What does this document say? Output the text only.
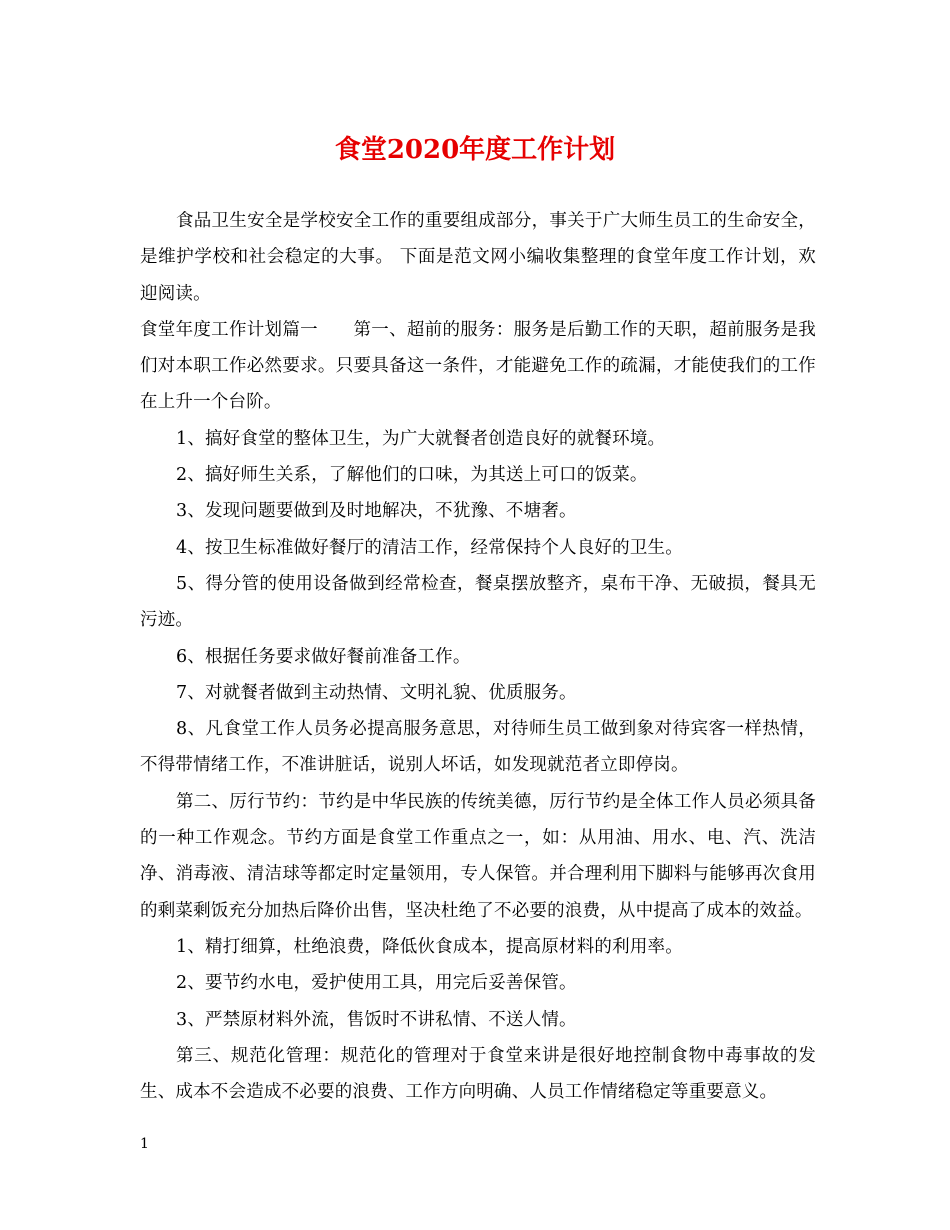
食堂2020年度工作计划

食品卫生安全是学校安全工作的重要组成部分，事关于广大师生员工的生命安全，是维护学校和社会稳定的大事。 下面是范文网小编收集整理的食堂年度工作计划，欢迎阅读。

食堂年度工作计划篇一　　第一、超前的服务：服务是后勤工作的天职，超前服务是我们对本职工作必然要求。只要具备这一条件，才能避免工作的疏漏，才能使我们的工作在上升一个台阶。

1、搞好食堂的整体卫生，为广大就餐者创造良好的就餐环境。

2、搞好师生关系，了解他们的口味，为其送上可口的饭菜。

3、发现问题要做到及时地解决，不犹豫、不塘奢。

4、按卫生标准做好餐厅的清洁工作，经常保持个人良好的卫生。

5、得分管的使用设备做到经常检查，餐桌摆放整齐，桌布干净、无破损，餐具无污迹。

6、根据任务要求做好餐前准备工作。

7、对就餐者做到主动热情、文明礼貌、优质服务。

8、凡食堂工作人员务必提高服务意思，对待师生员工做到象对待宾客一样热情，不得带情绪工作，不准讲脏话，说别人坏话，如发现就范者立即停岗。

第二、厉行节约：节约是中华民族的传统美德，厉行节约是全体工作人员必须具备的一种工作观念。节约方面是食堂工作重点之一，如：从用油、用水、电、汽、洗洁净、消毒液、清洁球等都定时定量领用，专人保管。并合理利用下脚料与能够再次食用的剩菜剩饭充分加热后降价出售，坚决杜绝了不必要的浪费，从中提高了成本的效益。

1、精打细算，杜绝浪费，降低伙食成本，提高原材料的利用率。

2、要节约水电，爱护使用工具，用完后妥善保管。

3、严禁原材料外流，售饭时不讲私情、不送人情。

第三、规范化管理：规范化的管理对于食堂来讲是很好地控制食物中毒事故的发生、成本不会造成不必要的浪费、工作方向明确、人员工作情绪稳定等重要意义。

1
